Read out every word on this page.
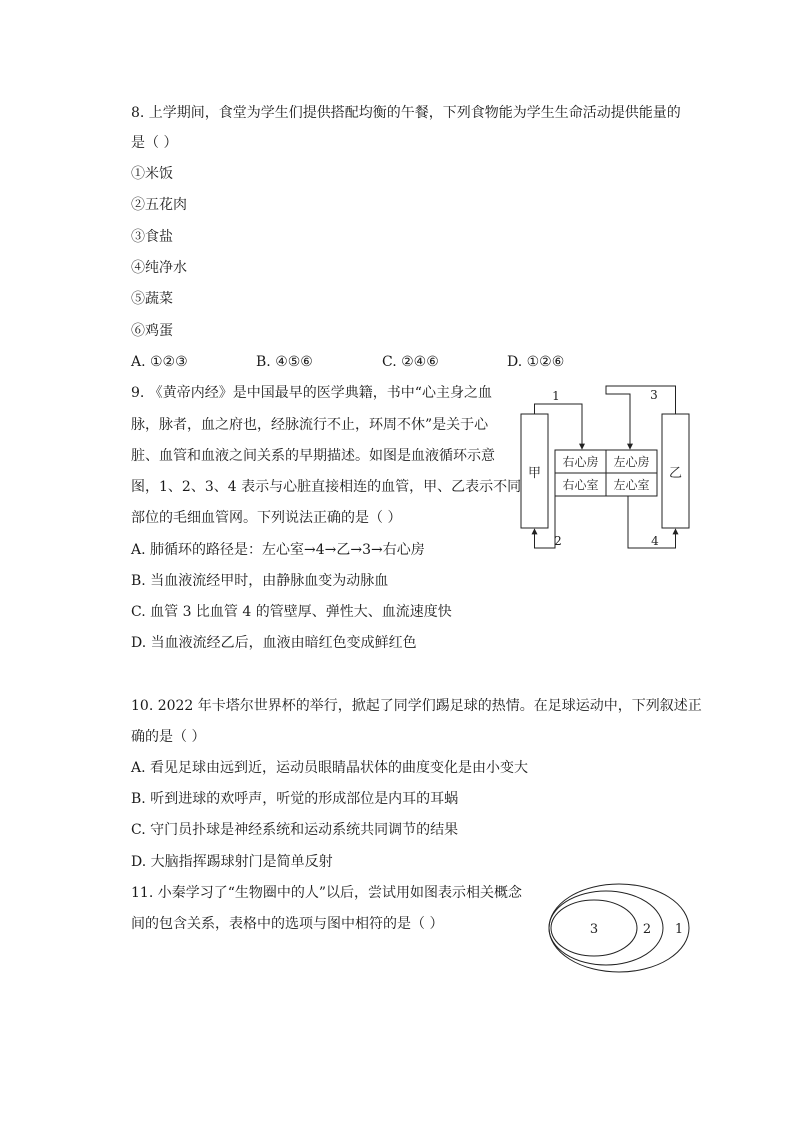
8. 上学期间，食堂为学生们提供搭配均衡的午餐，下列食物能为学生生命活动提供能量的
是（ ）
①米饭
②五花肉
③食盐
④纯净水
⑤蔬菜
⑥鸡蛋
A. ①②③	B. ④⑤⑥	C. ②④⑥	D. ①②⑥
9. 《黄帝内经》是中国最早的医学典籍，书中“心主身之血
脉，脉者，血之府也，经脉流行不止，环周不休”是关于心
脏、血管和血液之间关系的早期描述。如图是血液循环示意
图，1、2、3、4 表示与心脏直接相连的血管，甲、乙表示不同
部位的毛细血管网。下列说法正确的是（ ）
A. 肺循环的路径是：左心室→4→乙→3→右心房
B. 当血液流经甲时，由静脉血变为动脉血
C. 血管 3 比血管 4 的管壁厚、弹性大、血流速度快
D. 当血液流经乙后，血液由暗红色变成鲜红色
甲	乙
右心房 左心房
右心室 左心室
1	3
2	4
10. 2022 年卡塔尔世界杯的举行，掀起了同学们踢足球的热情。在足球运动中，下列叙述正
确的是（ ）
A. 看见足球由远到近，运动员眼睛晶状体的曲度变化是由小变大
B. 听到进球的欢呼声，听觉的形成部位是内耳的耳蜗
C. 守门员扑球是神经系统和运动系统共同调节的结果
D. 大脑指挥踢球射门是简单反射
11. 小秦学习了“生物圈中的人”以后，尝试用如图表示相关概念
间的包含关系，表格中的选项与图中相符的是（ ）	3	2 1
